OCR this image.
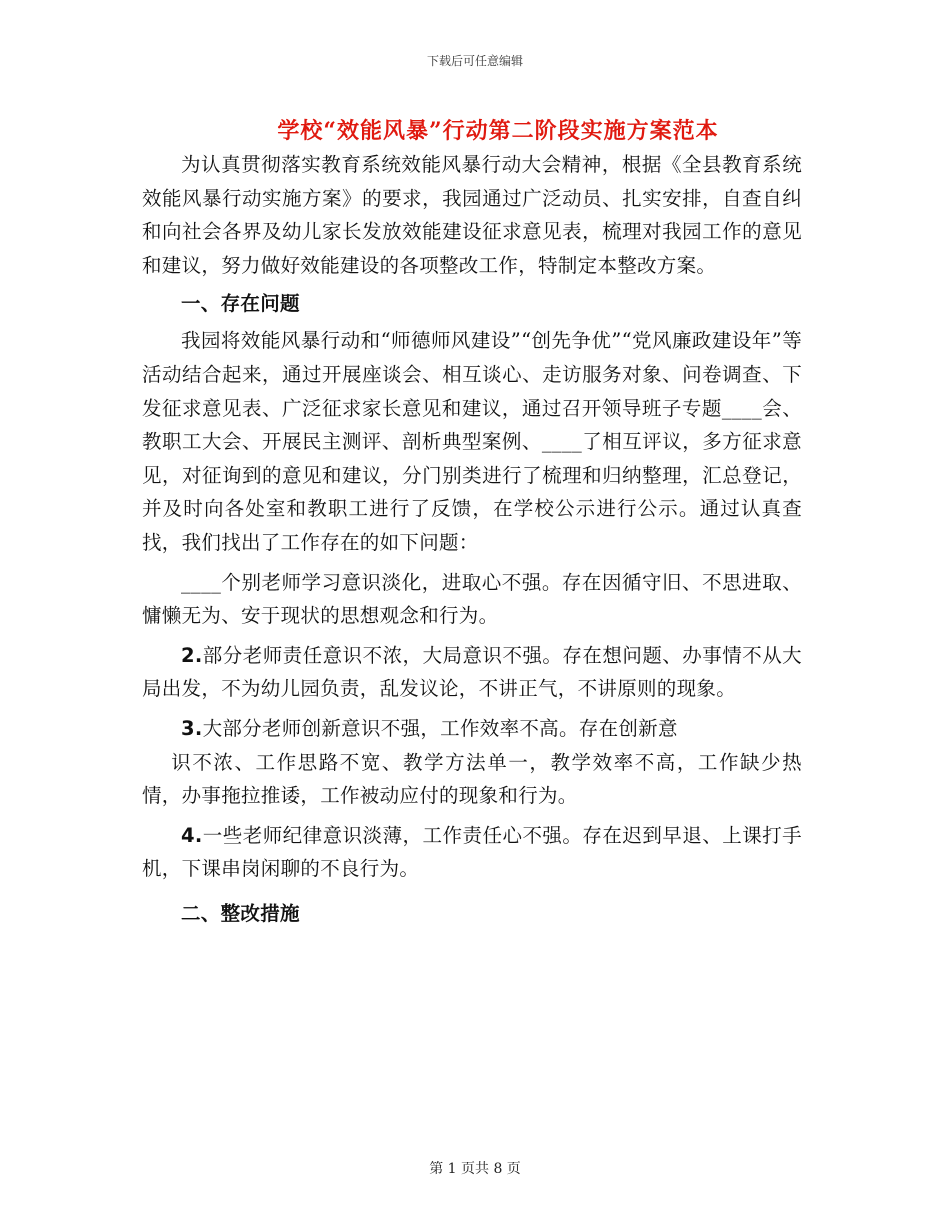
下载后可任意编辑
学校“效能风暴”行动第二阶段实施方案范本

为认真贯彻落实教育系统效能风暴行动大会精神，根据《全县教育系统效能风暴行动实施方案》的要求，我园通过广泛动员、扎实安排，自查自纠和向社会各界及幼儿家长发放效能建设征求意见表，梳理对我园工作的意见和建议，努力做好效能建设的各项整改工作，特制定本整改方案。

一、存在问题

我园将效能风暴行动和“师德师风建设”“创先争优”“党风廉政建设年”等活动结合起来，通过开展座谈会、相互谈心、走访服务对象、问卷调查、下发征求意见表、广泛征求家长意见和建议，通过召开领导班子专题____会、教职工大会、开展民主测评、剖析典型案例、____了相互评议，多方征求意见，对征询到的意见和建议，分门别类进行了梳理和归纳整理，汇总登记，并及时向各处室和教职工进行了反馈，在学校公示进行公示。通过认真查找，我们找出了工作存在的如下问题：

____个别老师学习意识淡化，进取心不强。存在因循守旧、不思进取、慵懒无为、安于现状的思想观念和行为。

2.部分老师责任意识不浓，大局意识不强。存在想问题、办事情不从大局出发，不为幼儿园负责，乱发议论，不讲正气，不讲原则的现象。

3.大部分老师创新意识不强，工作效率不高。存在创新意

识不浓、工作思路不宽、教学方法单一，教学效率不高，工作缺少热情，办事拖拉推诿，工作被动应付的现象和行为。

4.一些老师纪律意识淡薄，工作责任心不强。存在迟到早退、上课打手机，下课串岗闲聊的不良行为。

二、整改措施

第 1 页共 8 页
